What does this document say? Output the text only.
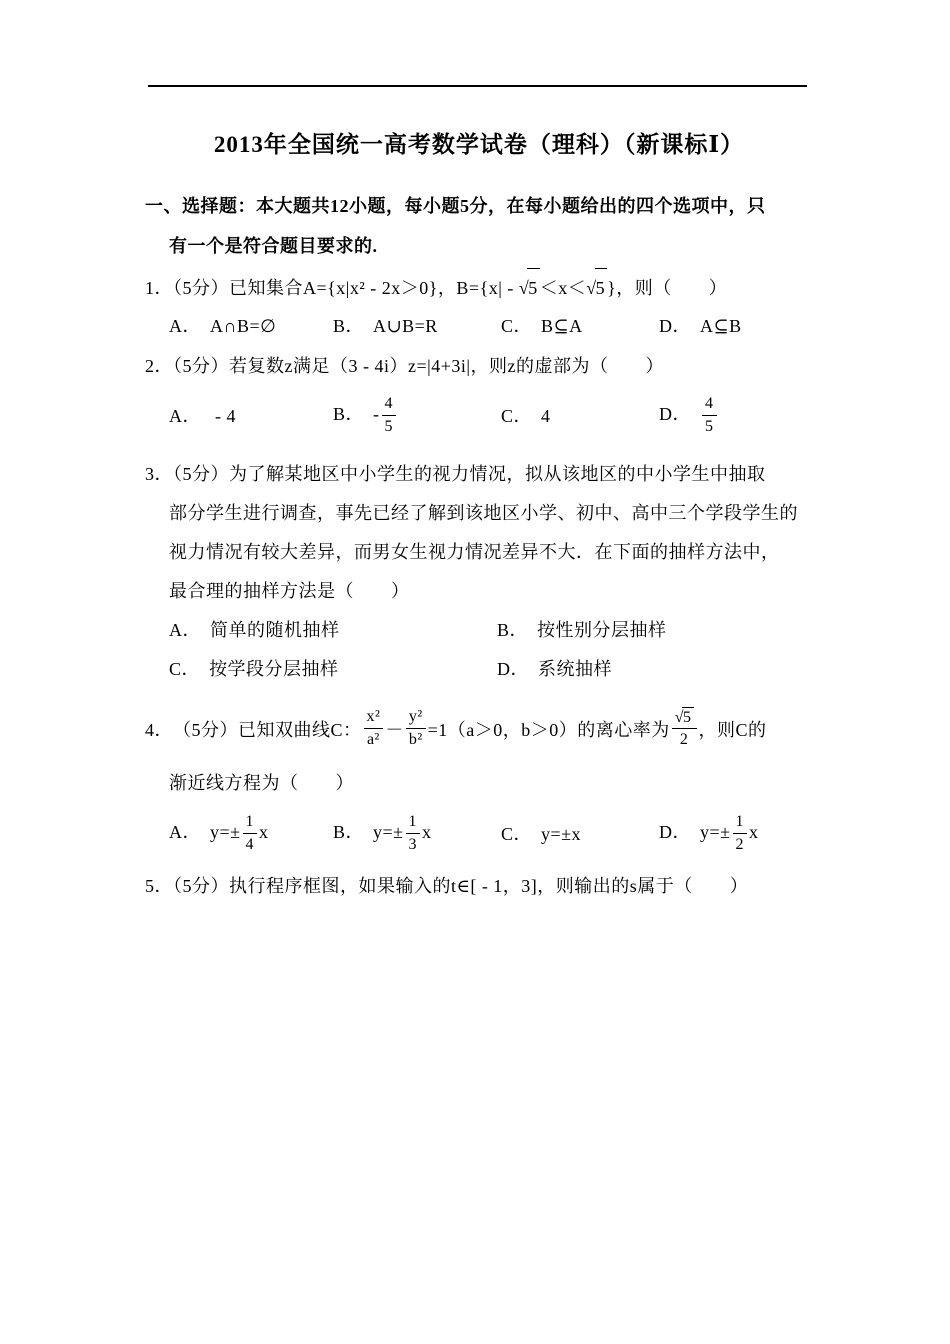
2013年全国统一高考数学试卷（理科）（新课标Ⅰ）
一、选择题：本大题共12小题，每小题5分，在每小题给出的四个选项中，只
有一个是符合题目要求的.
1．（5分）已知集合A={x|x² - 2x＞0}，B={x| - √5 ＜x＜√5 }，则（　　）
A． A∩B=∅	B． A∪B=R	C． B⊆A	D． A⊆B
2．（5分）若复数z满足（3 - 4i）z=|4+3i|，则z的虚部为（　　）
A． - 4	B． - $\frac{4}{5}$	C． 4	D． $\frac{4}{5}$
3．（5分）为了解某地区中小学生的视力情况，拟从该地区的中小学生中抽取
部分学生进行调查，事先已经了解到该地区小学、初中、高中三个学段学生的
视力情况有较大差异，而男女生视力情况差异不大．在下面的抽样方法中，
最合理的抽样方法是（　　）
A． 简单的随机抽样	B． 按性别分层抽样
C． 按学段分层抽样	D． 系统抽样
4． （5分）已知双曲线C： $\frac{\text{x²}}{\text{a²}} - \frac{\text{y²}}{\text{b²}} =1(a>0$，b＞0）的离心率为 $\frac{√5}{2}$ ，则C的
渐近线方程为（　　）
A． $y=\pm \frac{1}{4}$ x	B． $y=\pm \frac{1}{3}$ x	C． y=±x	D． $y=\pm \frac{1}{2}$ x
5．（5分）执行程序框图，如果输入的t∈[ - 1，3]，则输出的s属于（　　）
